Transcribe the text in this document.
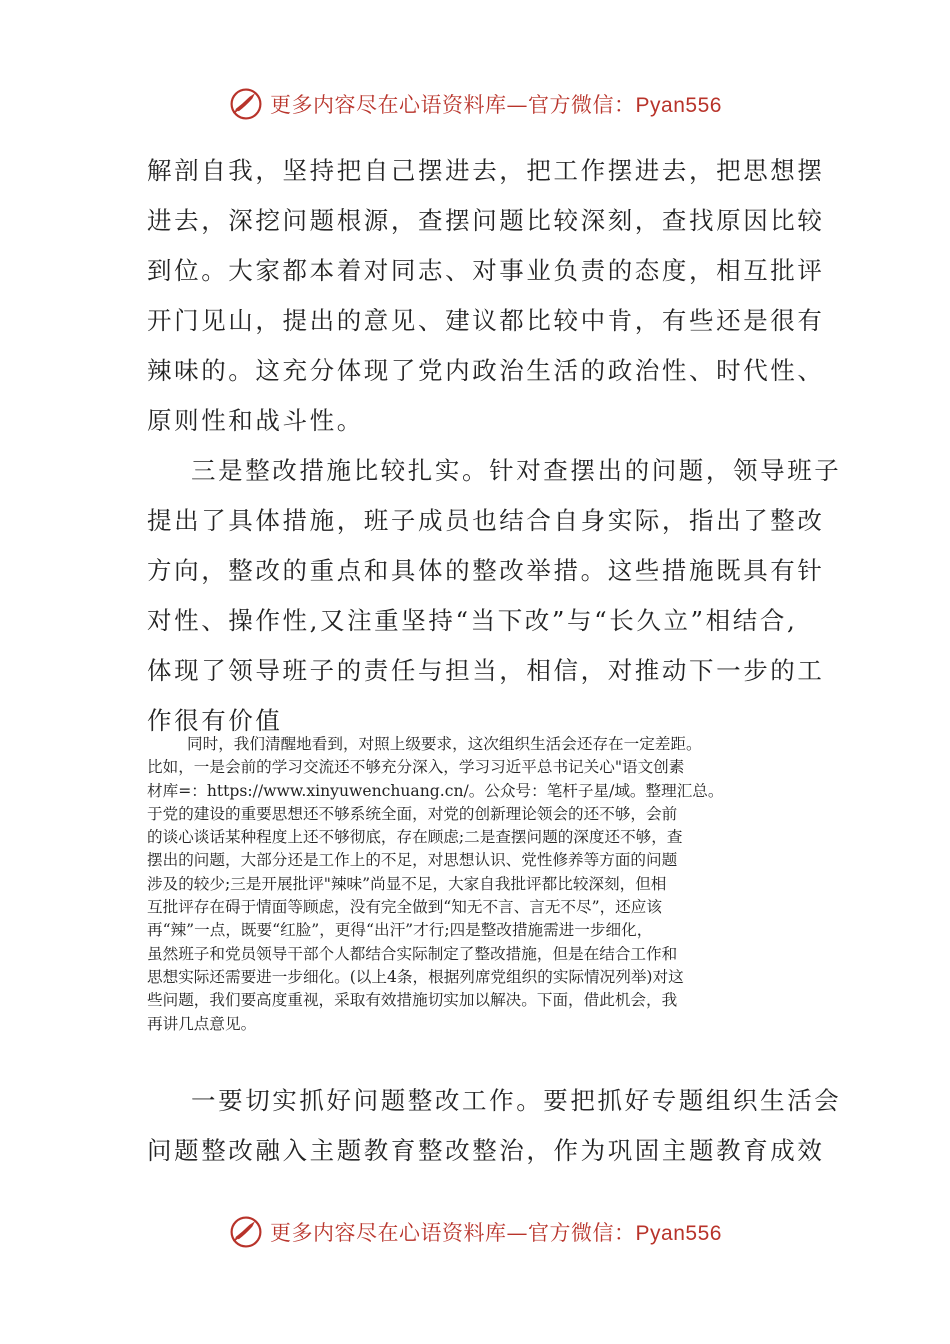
更多内容尽在心语资料库—官方微信：Pyan556
解剖自我，坚持把自己摆进去，把工作摆进去，把思想摆
进去，深挖问题根源，查摆问题比较深刻，查找原因比较
到位。大家都本着对同志、对事业负责的态度，相互批评
开门见山，提出的意见、建议都比较中肯，有些还是很有
辣味的。这充分体现了党内政治生活的政治性、时代性、
原则性和战斗性。
三是整改措施比较扎实。针对查摆出的问题，领导班子
提出了具体措施，班子成员也结合自身实际，指出了整改
方向，整改的重点和具体的整改举措。这些措施既具有针
对性、操作性,又注重坚持“当下改”与“长久立”相结合,
体现了领导班子的责任与担当，相信，对推动下一步的工
作很有价值
同时，我们清醒地看到，对照上级要求，这次组织生活会还存在一定差距。
比如，一是会前的学习交流还不够充分深入，学习习近平总书记关心"语文创素
材库=：https://www.xinyuwenchuang.cn/。公众号：笔杆子星/域。整理汇总。
于党的建设的重要思想还不够系统全面，对党的创新理论领会的还不够，会前
的谈心谈话某种程度上还不够彻底，存在顾虑;二是查摆问题的深度还不够，查
摆出的问题，大部分还是工作上的不足，对思想认识、党性修养等方面的问题
涉及的较少;三是开展批评"辣味”尚显不足，大家自我批评都比较深刻，但相
互批评存在碍于情面等顾虑，没有完全做到“知无不言、言无不尽”，还应该
再“辣”一点，既要“红脸”，更得“出汗”才行;四是整改措施需进一步细化，
虽然班子和党员领导干部个人都结合实际制定了整改措施，但是在结合工作和
思想实际还需要进一步细化。(以上4条，根据列席党组织的实际情况列举)对这
些问题，我们要高度重视，采取有效措施切实加以解决。下面，借此机会，我
再讲几点意见。
一要切实抓好问题整改工作。要把抓好专题组织生活会
问题整改融入主题教育整改整治，作为巩固主题教育成效
更多内容尽在心语资料库—官方微信：Pyan556
